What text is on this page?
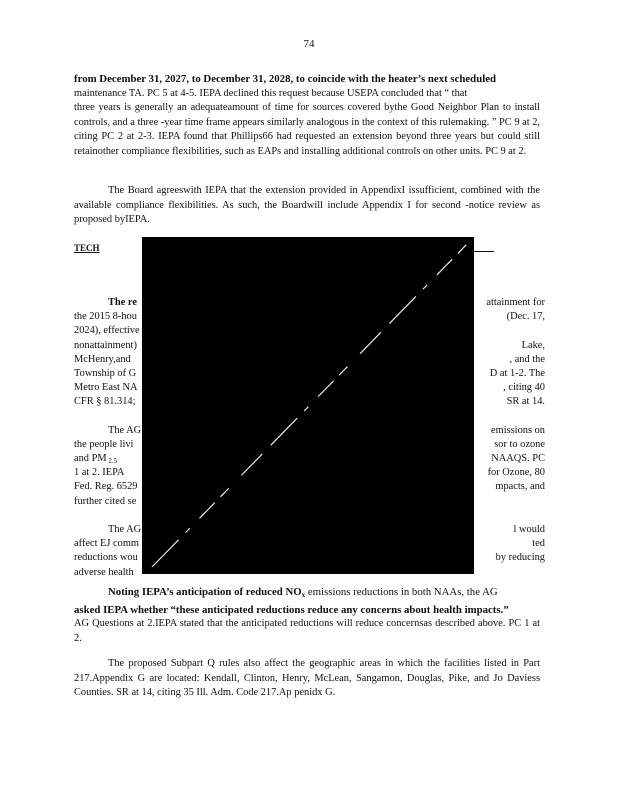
74

from December 31, 2027, to December 31, 2028, to coincide with the heater’s next scheduled

maintenance TA. PC 5 at 4-5. IEPA declined this request because USEPA concluded that “ that

three years is generally an adequateamount of time for sources covered bythe Good Neighbor Plan to install controls, and a three -year time frame appears similarly analogous in the context of this rulemaking. ” PC 9 at 2, citing PC 2 at 2-3. IEPA found that Phillips66 had requested an extension beyond three years but could still retainother compliance flexibilities, such as EAPs and installing additional controls on other units. PC 9 at 2.

The Board agreeswith IEPA that the extension provided in AppendixI issufficient, combined with the available compliance flexibilities. As such, the Boardwill include Appendix I for second -notice review as proposed byIEPA.

TECH
The re
the 2015 8-hou
2024), effective
nonattainment)
McHenry,and
Township of G
Metro East NA
CFR § 81.314;
The AG
the people livi
and PM $_{2.5}$
1 at 2. IEPA
Fed. Reg. 6529
further cited se
The AG
affect EJ comm
reductions wou
adverse health
attainment for
(Dec. 17,
Lake,
, and the
D at 1-2. The
, citing 40
SR at 14.
emissions on
sor to ozone
NAAQS. PC
for Ozone, 80
mpacts, and
l would
ted
by reducing

Noting IEPA’s anticipation of reduced $NO_x$ emissions reductions in both NAAs, the AG

asked IEPA whether “these anticipated reductions reduce any concerns about health impacts.”

AG Questions at 2.IEPA stated that the anticipated reductions will reduce concernsas described above. PC 1 at 2.

The proposed Subpart Q rules also affect the geographic areas in which the facilities listed in Part 217.Appendix G are located: Kendall, Clinton, Henry, McLean, Sangamon, Douglas, Pike, and Jo Daviess Counties. SR at 14, citing 35 Ill. Adm. Code 217.Ap penidx G.
